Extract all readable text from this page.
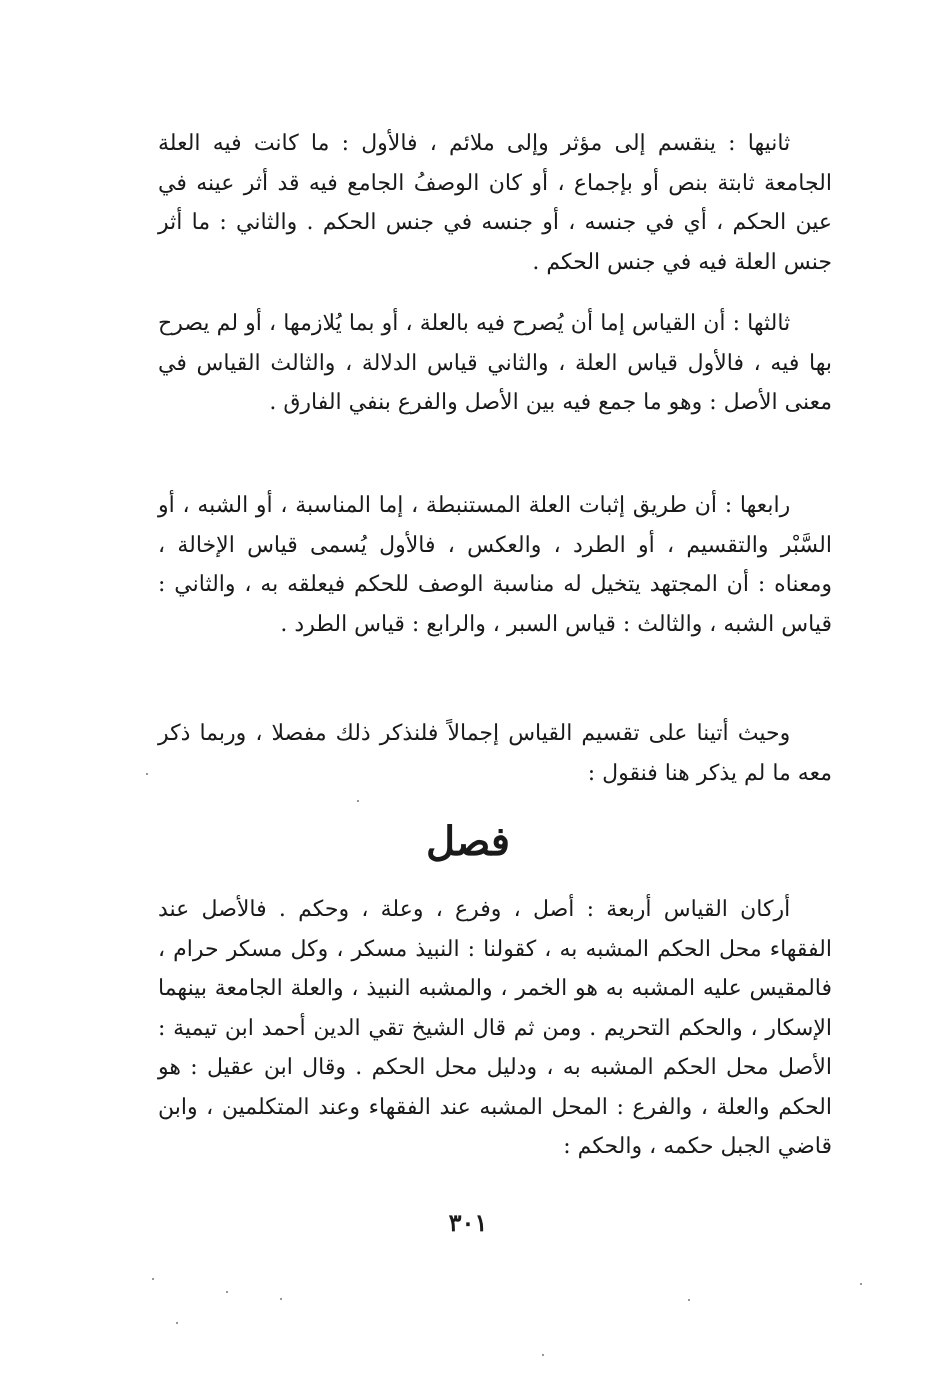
ثانيها : ينقسم إلى مؤثر وإلى ملائم ، فالأول : ما كانت فيه العلة الجامعة ثابتة بنص أو بإجماع ، أو كان الوصفُ الجامع فيه قد أثر عينه في عين الحكم ، أي في جنسه ، أو جنسه في جنس الحكم . والثاني : ما أثر جنس العلة فيه في جنس الحكم .

ثالثها : أن القياس إما أن يُصرح فيه بالعلة ، أو بما يُلازمها ، أو لم يصرح بها فيه ، فالأول قياس العلة ، والثاني قياس الدلالة ، والثالث القياس في معنى الأصل : وهو ما جمع فيه بين الأصل والفرع بنفي الفارق .

رابعها : أن طريق إثبات العلة المستنبطة ، إما المناسبة ، أو الشبه ، أو السَّبْر والتقسيم ، أو الطرد ، والعكس ، فالأول يُسمى قياس الإخالة ، ومعناه : أن المجتهد يتخيل له مناسبة الوصف للحكم فيعلقه به ، والثاني : قياس الشبه ، والثالث : قياس السبر ، والرابع : قياس الطرد .

وحيث أتينا على تقسيم القياس إجمالاً فلنذكر ذلك مفصلا ، وربما ذكر معه ما لم يذكر هنا فنقول :

فصل

أركان القياس أربعة : أصل ، وفرع ، وعلة ، وحكم . فالأصل عند الفقهاء محل الحكم المشبه به ، كقولنا : النبيذ مسكر ، وكل مسكر حرام ، فالمقيس عليه المشبه به هو الخمر ، والمشبه النبيذ ، والعلة الجامعة بينهما الإسكار ، والحكم التحريم . ومن ثم قال الشيخ تقي الدين أحمد ابن تيمية : الأصل محل الحكم المشبه به ، ودليل محل الحكم . وقال ابن عقيل : هو الحكم والعلة ، والفرع : المحل المشبه عند الفقهاء وعند المتكلمين ، وابن قاضي الجبل حكمه ، والحكم :

٣٠١
